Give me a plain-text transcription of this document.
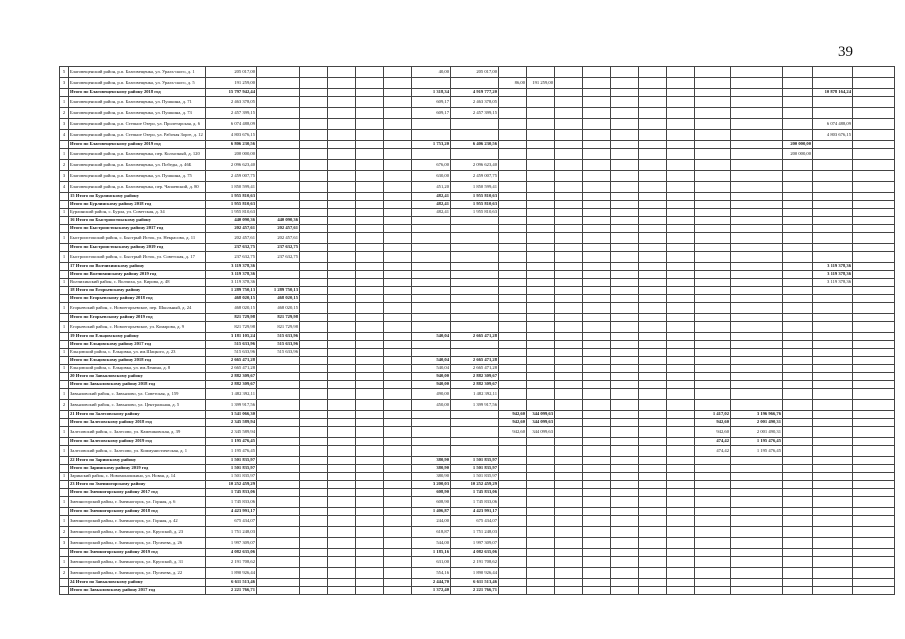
39
5	Благовещенский район, р.п. Благовещенка, ул. Ураль-ского, д. 1	205 017,00						40,00	205 017,00												
3	Благовещенский район, р.п. Благовещенка, ул. Ураль-ского, д. 5	191 259,00								86,00	191 259,00										
	Итого по Благовещенскому району 2018 год	15 797 942,44						1 318,34	4 919 777,20											10 878 164,24	
1	Благовещенский район, р.п. Благовещенка, ул. Пушкина, д. 71	2 463 378,05						609,17	2 463 378,05												
2	Благовещенский район, р.п. Благовещенка, ул. Пушкина, д. 73	2 457 399,15						609,17	2 457 399,15												
3	Благовещенский район, р.п. Степное Озеро, ул. Пролетарская, д. 6	6 074 488,09																		6 074 488,09	
4	Благовещенский район, р.п. Степное Озеро, ул. Рабочая Зорге, д. 12	4 803 676,15																		4 803 676,15	
	Итого по Благовещенскому району 2019 год	6 806 230,56						1 753,20	6 406 230,56										200 000,00		
1	Благовещенский район, р.п. Благовещенка, пер. Колхозный, д. 120	200 000,00																	200 000,00		
2	Благовещенский район, р.п. Благовещенка, ул. Победы, д. 46Б	2 096 623,40						676,00	2 096 623,40												
3	Благовещенский район, р.п. Благовещенка, ул. Пушкина, д. 75	2 459 007,75						630,00	2 459 007,75												
4	Благовещенский район, р.п. Благовещенка, пер. Чапаевский, д. 80	1 850 599,41						451,20	1 850 599,41												
	15 Итого по Бурлинскому району	1 955 810,63						482,41	1 955 810,63												
	Итого по Бурлинскому району 2018 год	1 955 810,63						482,41	1 955 810,63												
1	Бурлинский район, с. Бурла, ул. Советская, д. 34	1 955 810,63						482,41	1 955 810,63												
	16 Итого по Быстроистокскому району	440 090,36	440 090,36																		
	Итого по Быстроистокскому району 2017 год	202 457,61	202 457,61																		
1	Быстроистокский район, с. Быстрый Исток, ул. Некрасова, д. 11	202 457,61	202 457,61																		
	Итого по Быстроистокскому району 2019 год	237 632,75	237 632,75																		
1	Быстроистокский район, с. Быстрый Исток, ул. Советская, д. 17	237 632,75	237 632,75																		
	17 Итого по Волчихинскому району	3 119 378,36																		3 119 378,36	
	Итого по Волчихинскому району 2019 год	3 119 378,36																		3 119 378,36	
1	Волчихинский район, с. Волчиха, ул. Кирова, д. 48	3 119 378,36																		3 119 378,36	
	18 Итого по Егорьевскому району	1 289 750,13	1 289 750,13																		
	Итого по Егорьевскому району 2018 год	468 020,15	468 020,15																		
1	Егорьевский район, с. Новоегорьевское, пер. Школьный, д. 24	468 020,15	468 020,15																		
	Итого по Егорьевскому району 2019 год	821 729,98	821 729,98																		
1	Егорьевский район, с. Новоегорьевское, ул. Комарова, д. 9	821 729,98	821 729,98																		
	19 Итого по Ельцовскому району	3 181 105,24	515 633,96					540,04	2 665 471,28												
	Итого по Ельцовскому району 2017 год	515 633,96	515 633,96																		
1	Ельцовский район, с. Ельцовка, ул. им.Шацкого, д. 23	515 633,96	515 633,96																		
	Итого по Ельцовскому району 2018 год	2 665 471,28						540,04	2 665 471,28												
1	Ельцовский район, с. Ельцовка, ул. им.Ленина, д. 8	2 665 471,28						540,04	2 665 471,28												
	20 Итого по Завьяловскому району	2 882 309,67						940,00	2 882 309,67												
	Итого по Завьяловскому району 2018 год	2 882 309,67						940,00	2 882 309,67												
1	Завьяловский район, с. Завьялово, ул. Советская, д. 159	1 482 392,11						490,00	1 482 392,11												
2	Завьяловский район, с. Завьялово, ул. Центральная, д. 5	1 399 917,56						450,00	1 399 917,56												
	21 Итого по Залесовскому району	3 541 066,30								942,60	344 099,63						1 417,02	3 196 966,76			
	Итого по Залесовскому району 2018 год	2 345 589,94								942,60	344 099,63						942,60	2 001 490,31			
1	Залесовский район, с. Залесово, ул. Камешковская, д. 39	2 345 589,94								942,60	344 099,63						942,60	2 001 490,31			
	Итого по Залесовскому району 2019 год	1 195 476,45															474,42	1 195 476,45			
1	Залесовский район, с. Залесово, ул. Коммунистическая, д. 1	1 195 476,45															474,42	1 195 476,45			
	22 Итого по Заринскому району	1 501 835,97						380,90	1 501 835,97												
	Итого по Заринскому району 2019 год	1 501 835,97						380,90	1 501 835,97												
1	Заринский район, с. Новомоношкино, ул. Новая, д. 14	1 501 835,97						380,90	1 501 835,97												
	23 Итого по Змеиногорскому району	10 252 459,29						3 200,03	10 252 459,29												
	Итого по Змеиногорскому району 2017 год	1 745 833,06						608,90	1 745 833,06												
1	Змеиногорский район, г. Змеиногорск, ул. Горная, д. 6	1 745 833,06						608,90	1 745 833,06												
	Итого по Змеиногорскому району 2018 год	4 423 991,17						1 406,87	4 423 991,17												
1	Змеиногорский район, г. Змеиногорск, ул. Горная, д. 42	675 434,07						244,00	675 434,07												
2	Змеиногорский район, г. Змеиногорск, ул. Крупской, д. 23	1 751 248,03						618,87	1 751 248,03												
3	Змеиногорский район, г. Змеиногорск, ул. Пугачева, д. 26	1 997 309,07						544,00	1 997 309,07												
	Итого по Змеиногорскому району 2019 год	4 082 635,06						1 185,16	4 082 635,06												
1	Змеиногорский район, г. Змеиногорск, ул. Крупской, д. 31	2 191 708,62						631,00	2 191 708,62												
2	Змеиногорский район, г. Змеиногорск, ул. Пугачева, д. 22	1 890 926,44						554,16	1 890 926,44												
	24 Итого по Завьяловскому району	6 611 513,46						2 444,70	6 611 513,46												
	Итого по Завьяловскому району 2017 год	2 221 766,71						1 372,40	2 221 766,71												
